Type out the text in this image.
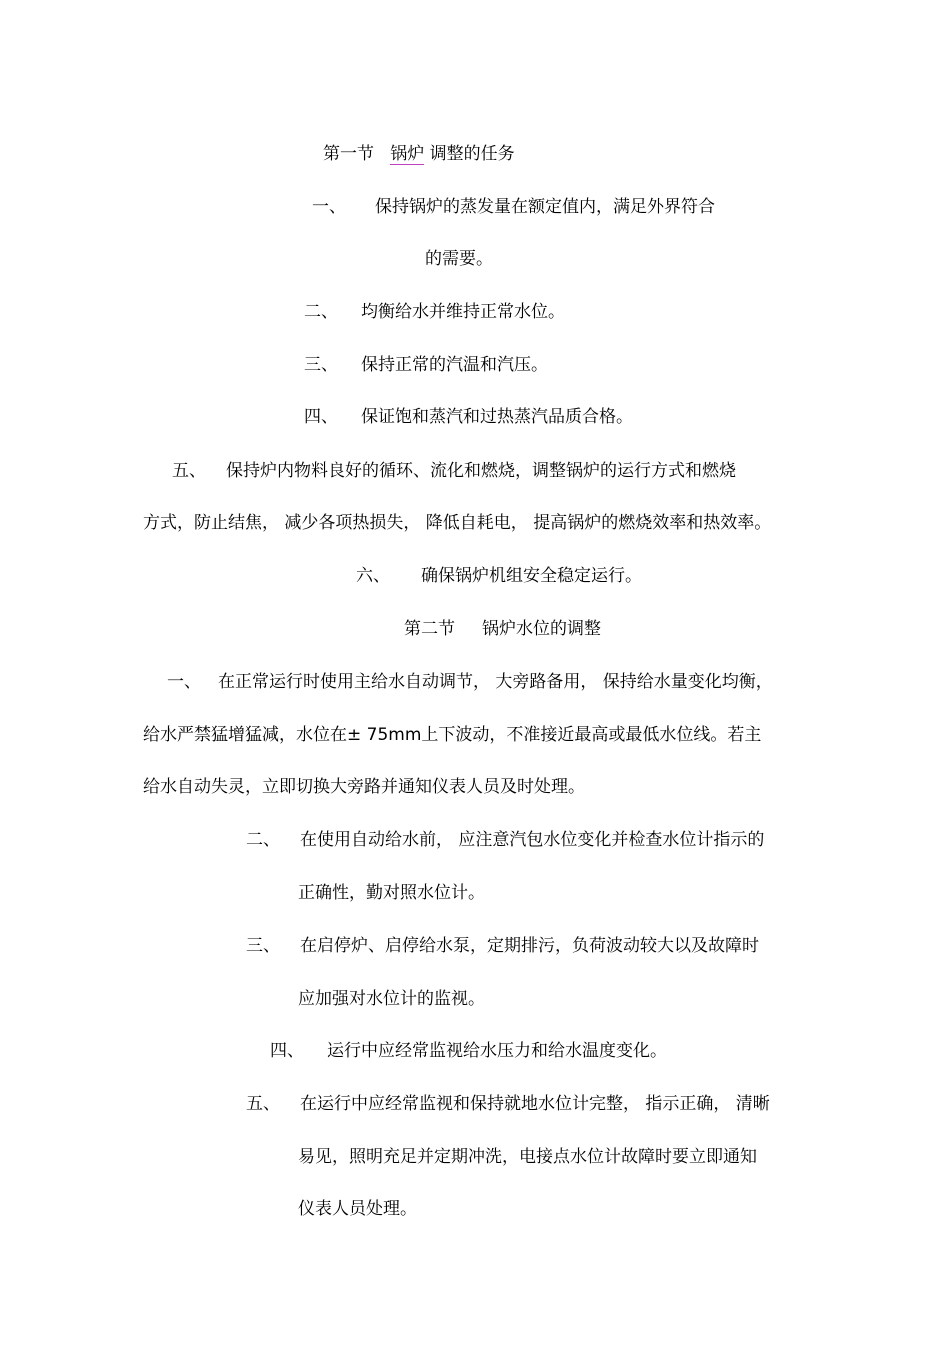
第一节 锅炉 调整的任务
一、 保持锅炉的蒸发量在额定值内，满足外界符合
的需要。
二、 均衡给水并维持正常水位。
三、 保持正常的汽温和汽压。
四、 保证饱和蒸汽和过热蒸汽品质合格。
五、 保持炉内物料良好的循环、流化和燃烧，调整锅炉的运行方式和燃烧
方式，防止结焦， 减少各项热损失， 降低自耗电， 提高锅炉的燃烧效率和热效率。
六、 确保锅炉机组安全稳定运行。
第二节 锅炉水位的调整
一、 在正常运行时使用主给水自动调节， 大旁路备用， 保持给水量变化均衡，
给水严禁猛增猛减，水位在± 75mm上下波动，不准接近最高或最低水位线。若主
给水自动失灵，立即切换大旁路并通知仪表人员及时处理。
二、 在使用自动给水前， 应注意汽包水位变化并检查水位计指示的
正确性，勤对照水位计。
三、 在启停炉、启停给水泵，定期排污，负荷波动较大以及故障时
应加强对水位计的监视。
四、 运行中应经常监视给水压力和给水温度变化。
五、 在运行中应经常监视和保持就地水位计完整， 指示正确， 清晰
易见，照明充足并定期冲洗，电接点水位计故障时要立即通知
仪表人员处理。
